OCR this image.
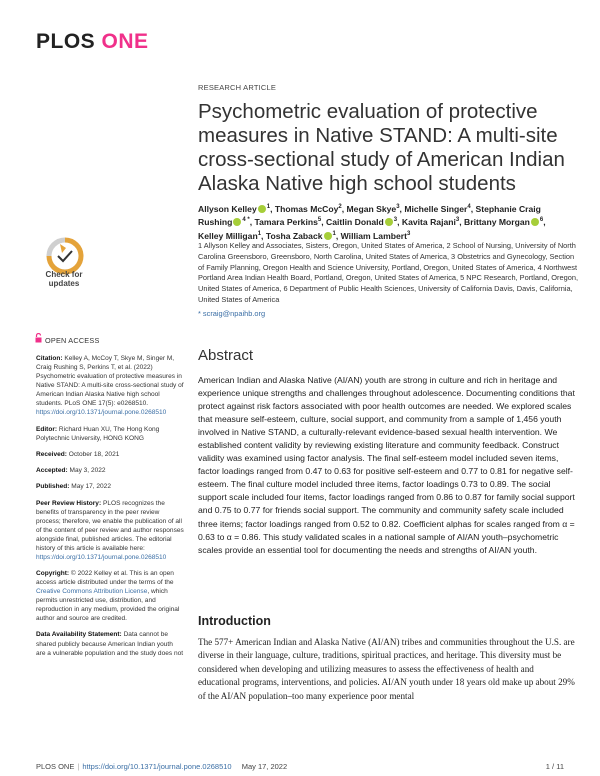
PLOS ONE
Check for
updates
RESEARCH ARTICLE
Psychometric evaluation of protective measures in Native STAND: A multi-site cross-sectional study of American Indian Alaska Native high school students
Allyson Kelley $^1$, Thomas McCoy$^2$, Megan Skye$^3$, Michelle Singer$^4$, Stephanie Craig Rushing $^{4 *}$, Tamara Perkins$^5$, Caitlin Donald $^3$, Kavita Rajani$^3$, Brittany Morgan $^6$, Kelley Milligan$^1$, Tosha Zaback $^1$, William Lambert$^3$
1 Allyson Kelley and Associates, Sisters, Oregon, United States of America, 2 School of Nursing, University of North Carolina Greensboro, Greensboro, North Carolina, United States of America, 3 Obstetrics and Gynecology, Section of Family Planning, Oregon Health and Science University, Portland, Oregon, United States of America, 4 Northwest Portland Area Indian Health Board, Portland, Oregon, United States of America, 5 NPC Research, Portland, Oregon, United States of America, 6 Department of Public Health Sciences, University of California Davis, Davis, California, United States of America
* scraig@npaihb.org
OPEN ACCESS

Citation: Kelley A, McCoy T, Skye M, Singer M, Craig Rushing S, Perkins T, et al. (2022) Psychometric evaluation of protective measures in Native STAND: A multi-site cross-sectional study of American Indian Alaska Native high school students. PLoS ONE 17(5): e0268510. https://doi.org/10.1371/journal.pone.0268510

Editor: Richard Huan XU, The Hong Kong Polytechnic University, HONG KONG

Received: October 18, 2021

Accepted: May 3, 2022

Published: May 17, 2022

Peer Review History: PLOS recognizes the benefits of transparency in the peer review process; therefore, we enable the publication of all of the content of peer review and author responses alongside final, published articles. The editorial history of this article is available here: https://doi.org/10.1371/journal.pone.0268510

Copyright: © 2022 Kelley et al. This is an open access article distributed under the terms of the Creative Commons Attribution License, which permits unrestricted use, distribution, and reproduction in any medium, provided the original author and source are credited.

Data Availability Statement: Data cannot be shared publicly because American Indian youth are a vulnerable population and the study does not

Abstract
American Indian and Alaska Native (AI/AN) youth are strong in culture and rich in heritage and experience unique strengths and challenges throughout adolescence. Documenting conditions that protect against risk factors associated with poor health outcomes are needed. We explored scales that measure self-esteem, culture, social support, and community from a sample of 1,456 youth involved in Native STAND, a culturally-relevant evidence-based sexual health intervention. We established content validity by reviewing existing literature and community feedback. Construct validity was examined using factor analysis. The final self-esteem model included seven items, factor loadings ranged from 0.47 to 0.63 for positive self-esteem and 0.77 to 0.81 for negative self-esteem. The final culture model included three items, factor loadings 0.73 to 0.89. The social support scale included four items, factor loadings ranged from 0.86 to 0.87 for family social support and 0.75 to 0.77 for friends social support. The community and community safety scale included three items; factor loadings ranged from 0.52 to 0.82. Coefficient alphas for scales ranged from α = 0.63 to α = 0.86. This study validated scales in a national sample of AI/AN youth–psychometric scales provide an essential tool for documenting the needs and strengths of AI/AN youth.
Introduction
The 577+ American Indian and Alaska Native (AI/AN) tribes and communities throughout the U.S. are diverse in their language, culture, traditions, spiritual practices, and heritage. This diversity must be considered when developing and utilizing measures to assess the effectiveness of health and educational programs, interventions, and policies. AI/AN youth under 18 years old make up about 29% of the AI/AN population–too many experience poor mental
PLOS ONE | https://doi.org/10.1371/journal.pone.0268510 May 17, 2022	1 / 11
